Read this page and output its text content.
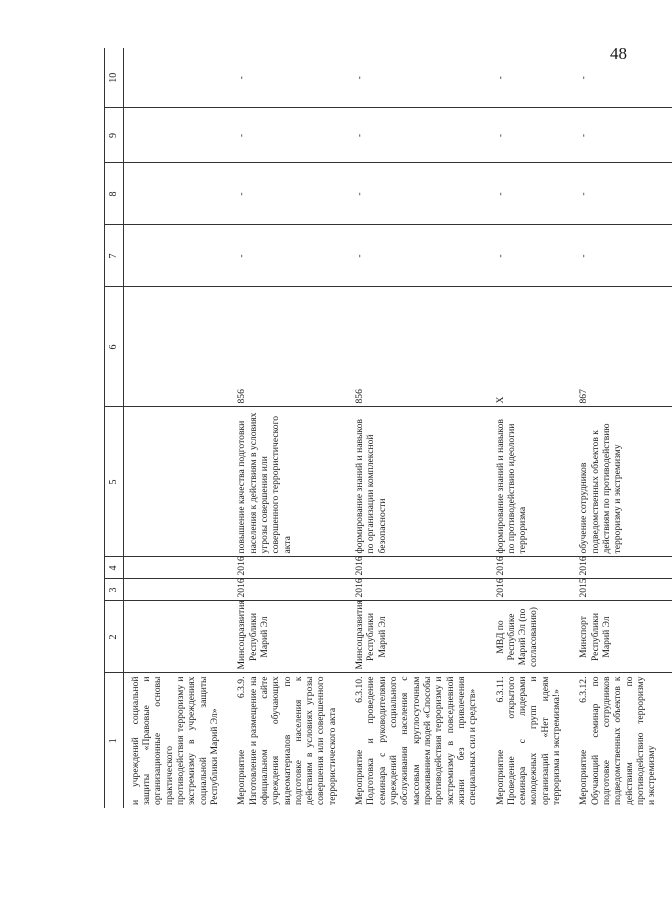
48
1	2	3	4	5	6	7	8	9	10
и учреждений социальной защиты «Правовые и организационные основы практического противодействия терроризму и экстремизму в учреждениях социальной защиты Республики Марий Эл»									
Мероприятие 6.3.9. Изготовление и размещение на официальном сайте учреждения обучающих видеоматериалов по подготовке населения к действиям в условиях угрозы совершения или совершенного террористического акта	Минсоцразвития Республики Марий Эл	2016	2016	повышение качества подготовки населения к действиям в условиях угрозы совершения или совершенного террористического акта	856	-	-	-	-
Мероприятие 6.3.10. Подготовка и проведение семинара с руководителями учреждений социального обслуживания населения с массовым круглосуточным проживанием людей «Способы противодействия терроризму и экстремизму в повседневной жизни без привлечения специальных сил и средств»	Минсоцразвития Республики Марий Эл	2016	2016	формирование знаний и навыков по организации комплексной безопасности	856	-	-	-	-
Мероприятие 6.3.11. Проведение открытого семинара с лидерами молодежных групп и организаций «Нет идеям терроризма и экстремизма!»	МВД по Республике Марий Эл (по согласованию)	2016	2016	формирование знаний и навыков по противодействию идеологии терроризма	X	-	-	-	-
Мероприятие 6.3.12. Обучающий семинар по подготовке сотрудников подведомственных объектов к действиям по противодействию терроризму и экстремизму	Минспорт Республики Марий Эл	2015	2016	обучение сотрудников подведомственных объектов к действиям по противодействию терроризму и экстремизму	867	-	-	-	-
